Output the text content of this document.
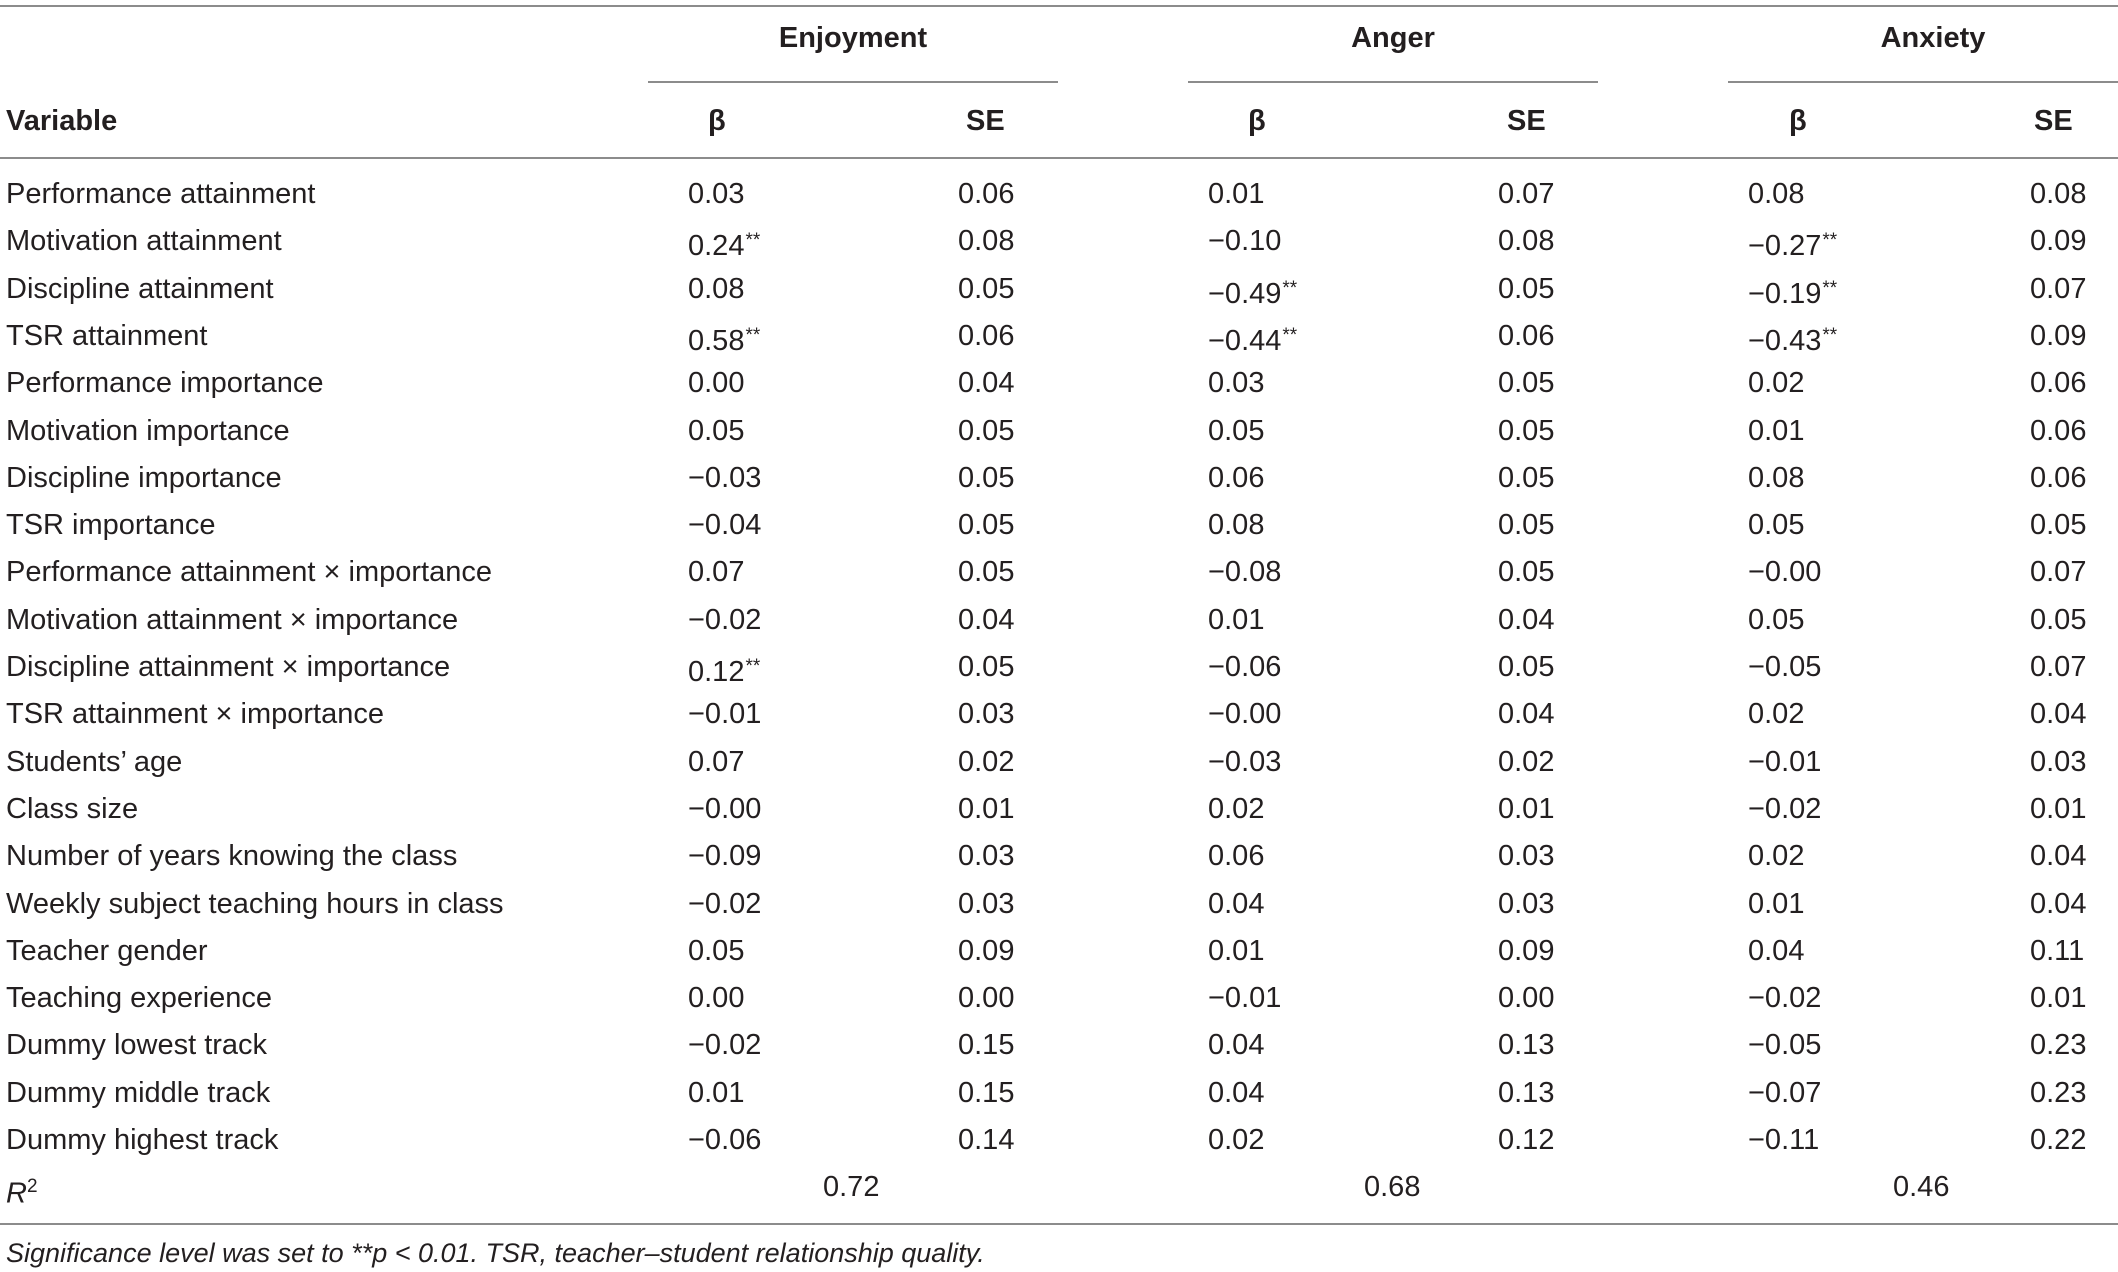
Enjoyment	Anger	Anxiety
Variable	β	SE	β	SE	β	SE
Performance attainment	0.03	0.06	0.01	0.07	0.08	0.08
Motivation attainment	0.24**	0.08	−0.10	0.08	−0.27**	0.09
Discipline attainment	0.08	0.05	−0.49**	0.05	−0.19**	0.07
TSR attainment	0.58**	0.06	−0.44**	0.06	−0.43**	0.09
Performance importance	0.00	0.04	0.03	0.05	0.02	0.06
Motivation importance	0.05	0.05	0.05	0.05	0.01	0.06
Discipline importance	−0.03	0.05	0.06	0.05	0.08	0.06
TSR importance	−0.04	0.05	0.08	0.05	0.05	0.05
Performance attainment × importance	0.07	0.05	−0.08	0.05	−0.00	0.07
Motivation attainment × importance	−0.02	0.04	0.01	0.04	0.05	0.05
Discipline attainment × importance	0.12**	0.05	−0.06	0.05	−0.05	0.07
TSR attainment × importance	−0.01	0.03	−0.00	0.04	0.02	0.04
Students’ age	0.07	0.02	−0.03	0.02	−0.01	0.03
Class size	−0.00	0.01	0.02	0.01	−0.02	0.01
Number of years knowing the class	−0.09	0.03	0.06	0.03	0.02	0.04
Weekly subject teaching hours in class	−0.02	0.03	0.04	0.03	0.01	0.04
Teacher gender	0.05	0.09	0.01	0.09	0.04	0.11
Teaching experience	0.00	0.00	−0.01	0.00	−0.02	0.01
Dummy lowest track	−0.02	0.15	0.04	0.13	−0.05	0.23
Dummy middle track	0.01	0.15	0.04	0.13	−0.07	0.23
Dummy highest track	−0.06	0.14	0.02	0.12	−0.11	0.22
$R^2$	0.72	0.68	0.46
Significance level was set to **p < 0.01. TSR, teacher–student relationship quality.
